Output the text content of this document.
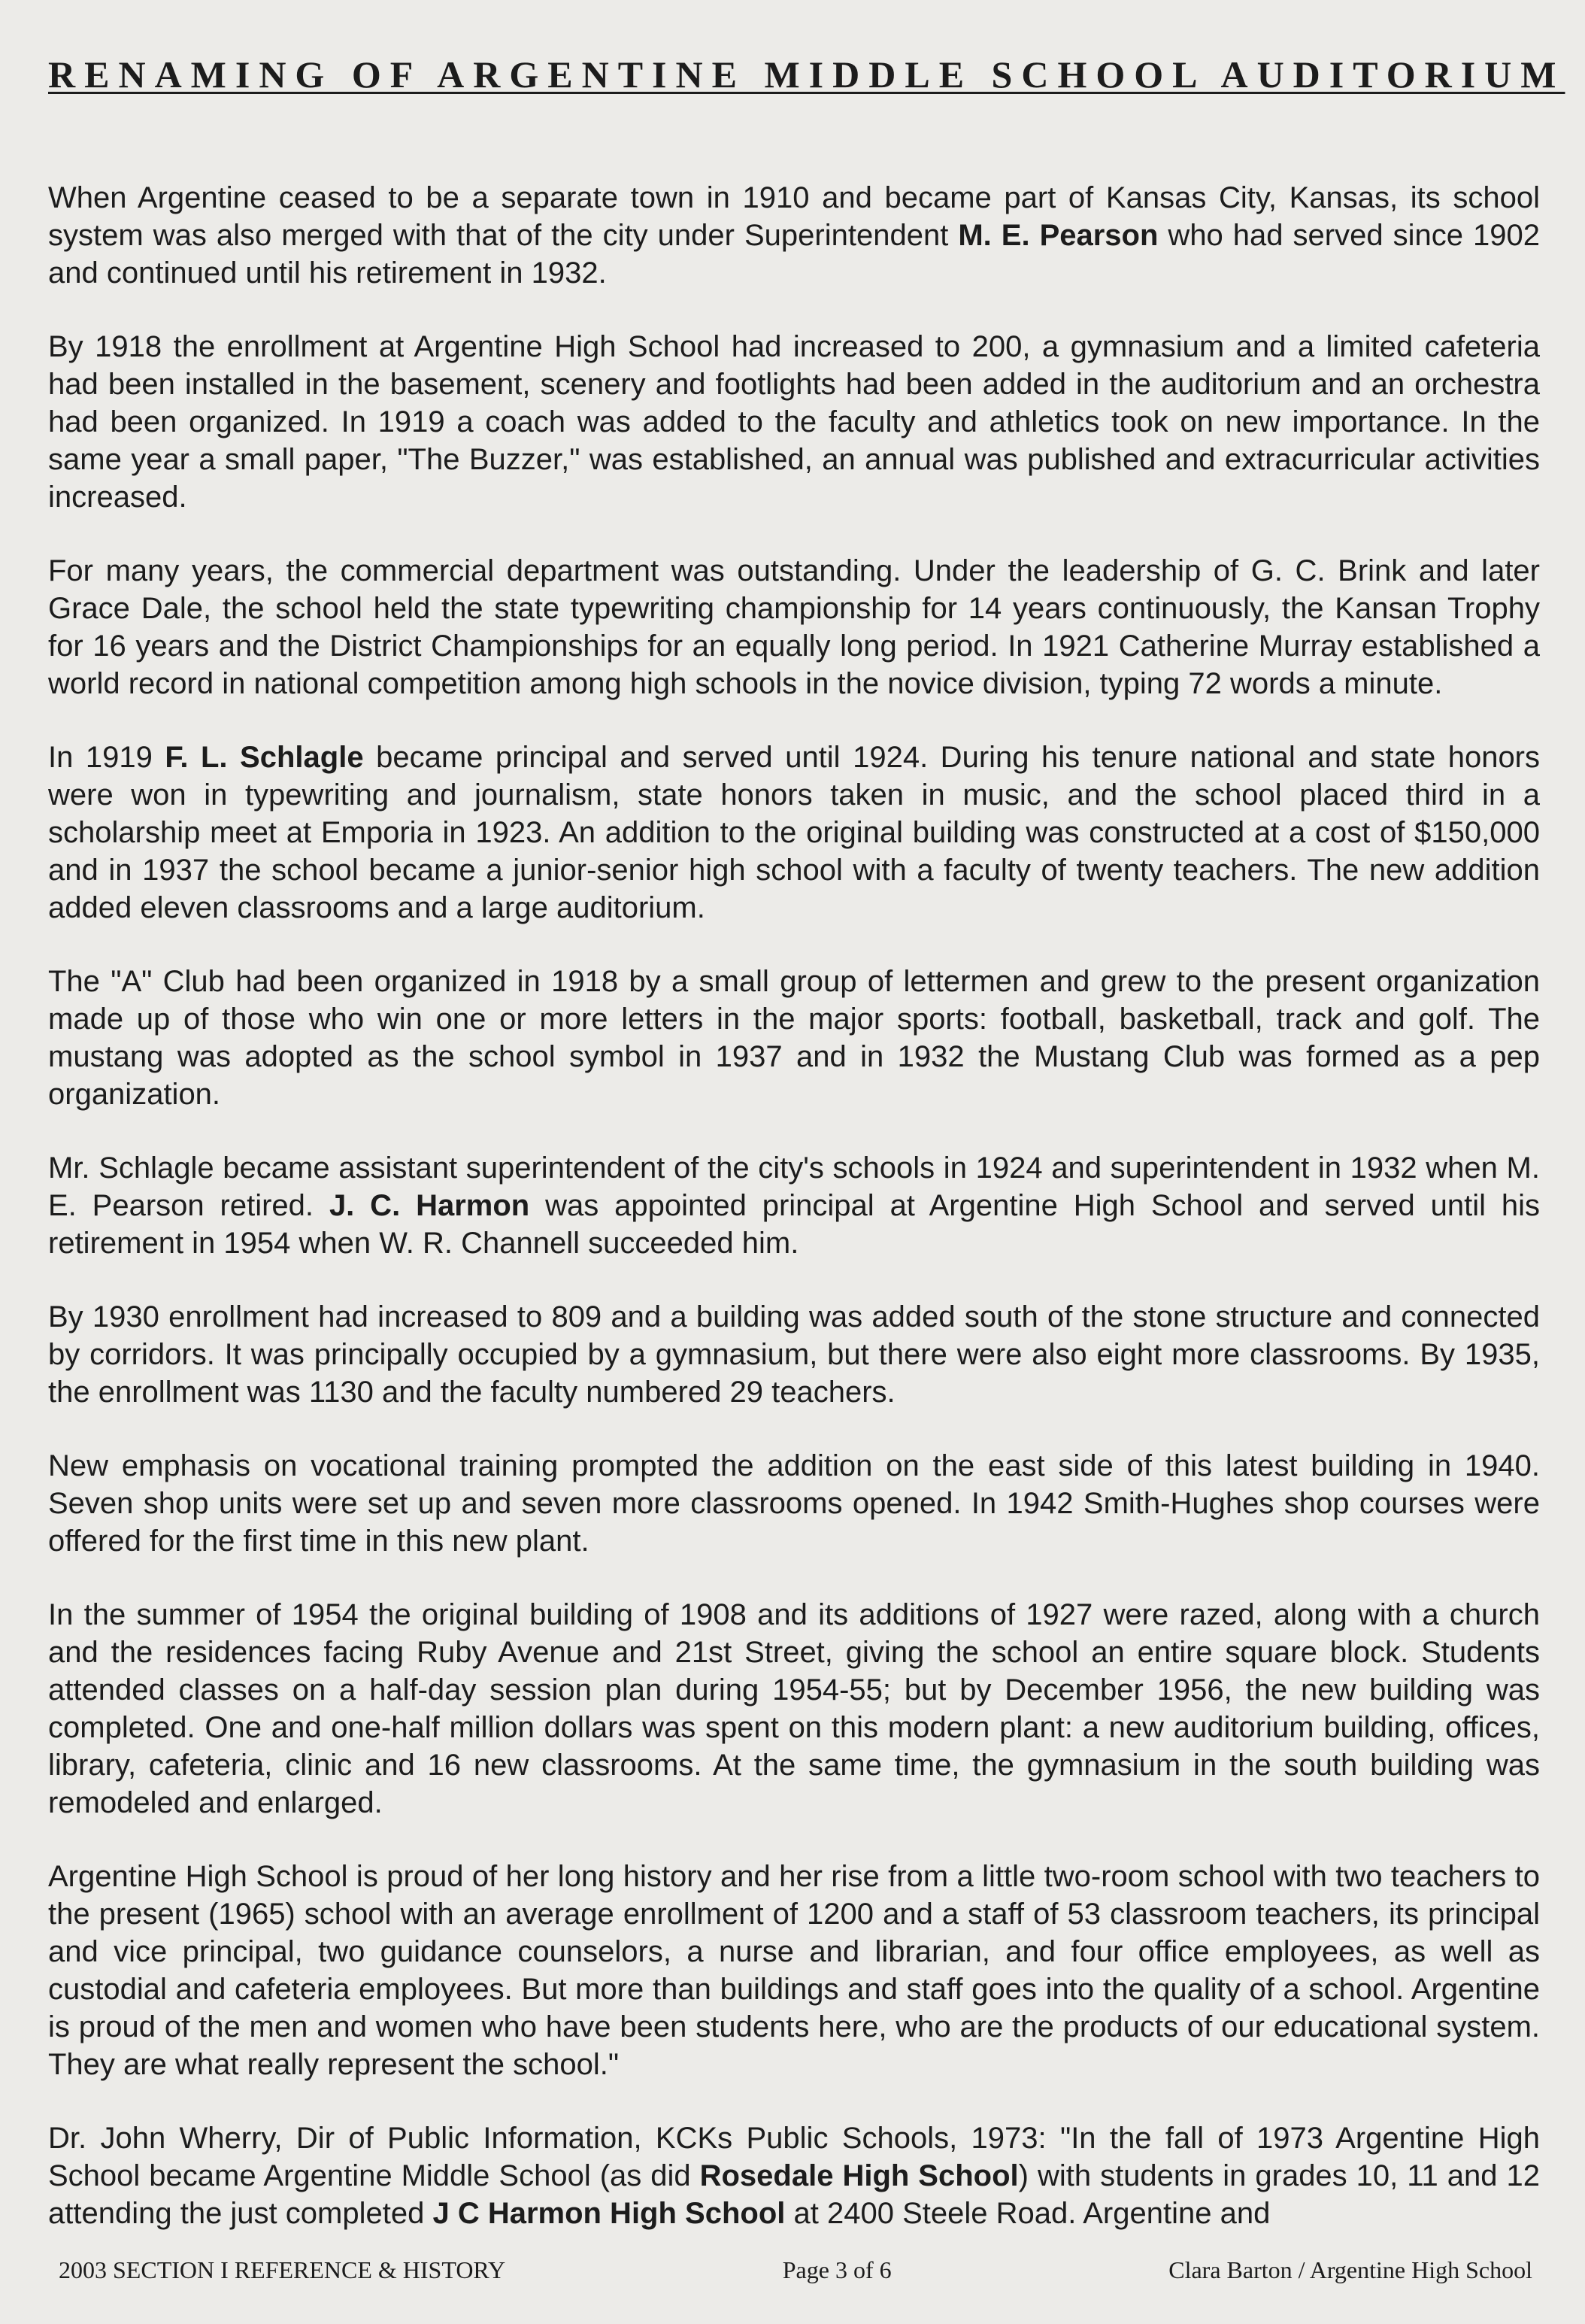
RENAMING OF ARGENTINE MIDDLE SCHOOL AUDITORIUM

When Argentine ceased to be a separate town in 1910 and became part of Kansas City, Kansas, its school system was also merged with that of the city under Superintendent M. E. Pearson who had served since 1902 and continued until his retirement in 1932.

By 1918 the enrollment at Argentine High School had increased to 200, a gymnasium and a limited cafeteria had been installed in the basement, scenery and footlights had been added in the auditorium and an orchestra had been organized. In 1919 a coach was added to the faculty and athletics took on new importance. In the same year a small paper, "The Buzzer," was established, an annual was published and extracurricular activities increased.

For many years, the commercial department was outstanding. Under the leadership of G. C. Brink and later Grace Dale, the school held the state typewriting championship for 14 years continuously, the Kansan Trophy for 16 years and the District Championships for an equally long period. In 1921 Catherine Murray established a world record in national competition among high schools in the novice division, typing 72 words a minute.

In 1919 F. L. Schlagle became principal and served until 1924. During his tenure national and state honors were won in typewriting and journalism, state honors taken in music, and the school placed third in a scholarship meet at Emporia in 1923. An addition to the original building was constructed at a cost of $150,000 and in 1937 the school became a junior-senior high school with a faculty of twenty teachers. The new addition added eleven classrooms and a large auditorium.

The "A" Club had been organized in 1918 by a small group of lettermen and grew to the present organization made up of those who win one or more letters in the major sports: football, basketball, track and golf. The mustang was adopted as the school symbol in 1937 and in 1932 the Mustang Club was formed as a pep organization.

Mr. Schlagle became assistant superintendent of the city's schools in 1924 and superintendent in 1932 when M. E. Pearson retired. J. C. Harmon was appointed principal at Argentine High School and served until his retirement in 1954 when W. R. Channell succeeded him.

By 1930 enrollment had increased to 809 and a building was added south of the stone structure and connected by corridors. It was principally occupied by a gymnasium, but there were also eight more classrooms. By 1935, the enrollment was 1130 and the faculty numbered 29 teachers.

New emphasis on vocational training prompted the addition on the east side of this latest building in 1940. Seven shop units were set up and seven more classrooms opened. In 1942 Smith-Hughes shop courses were offered for the first time in this new plant.

In the summer of 1954 the original building of 1908 and its additions of 1927 were razed, along with a church and the residences facing Ruby Avenue and 21st Street, giving the school an entire square block. Students attended classes on a half-day session plan during 1954-55; but by December 1956, the new building was completed. One and one-half million dollars was spent on this modern plant: a new auditorium building, offices, library, cafeteria, clinic and 16 new classrooms. At the same time, the gymnasium in the south building was remodeled and enlarged.

Argentine High School is proud of her long history and her rise from a little two-room school with two teachers to the present (1965) school with an average enrollment of 1200 and a staff of 53 classroom teachers, its principal and vice principal, two guidance counselors, a nurse and librarian, and four office employees, as well as custodial and cafeteria employees. But more than buildings and staff goes into the quality of a school. Argentine is proud of the men and women who have been students here, who are the products of our educational system. They are what really represent the school."

Dr. John Wherry, Dir of Public Information, KCKs Public Schools, 1973: "In the fall of 1973 Argentine High School became Argentine Middle School (as did Rosedale High School) with students in grades 10, 11 and 12 attending the just completed J C Harmon High School at 2400 Steele Road. Argentine and

2003 SECTION I REFERENCE & HISTORY	Page 3 of 6	Clara Barton / Argentine High School
